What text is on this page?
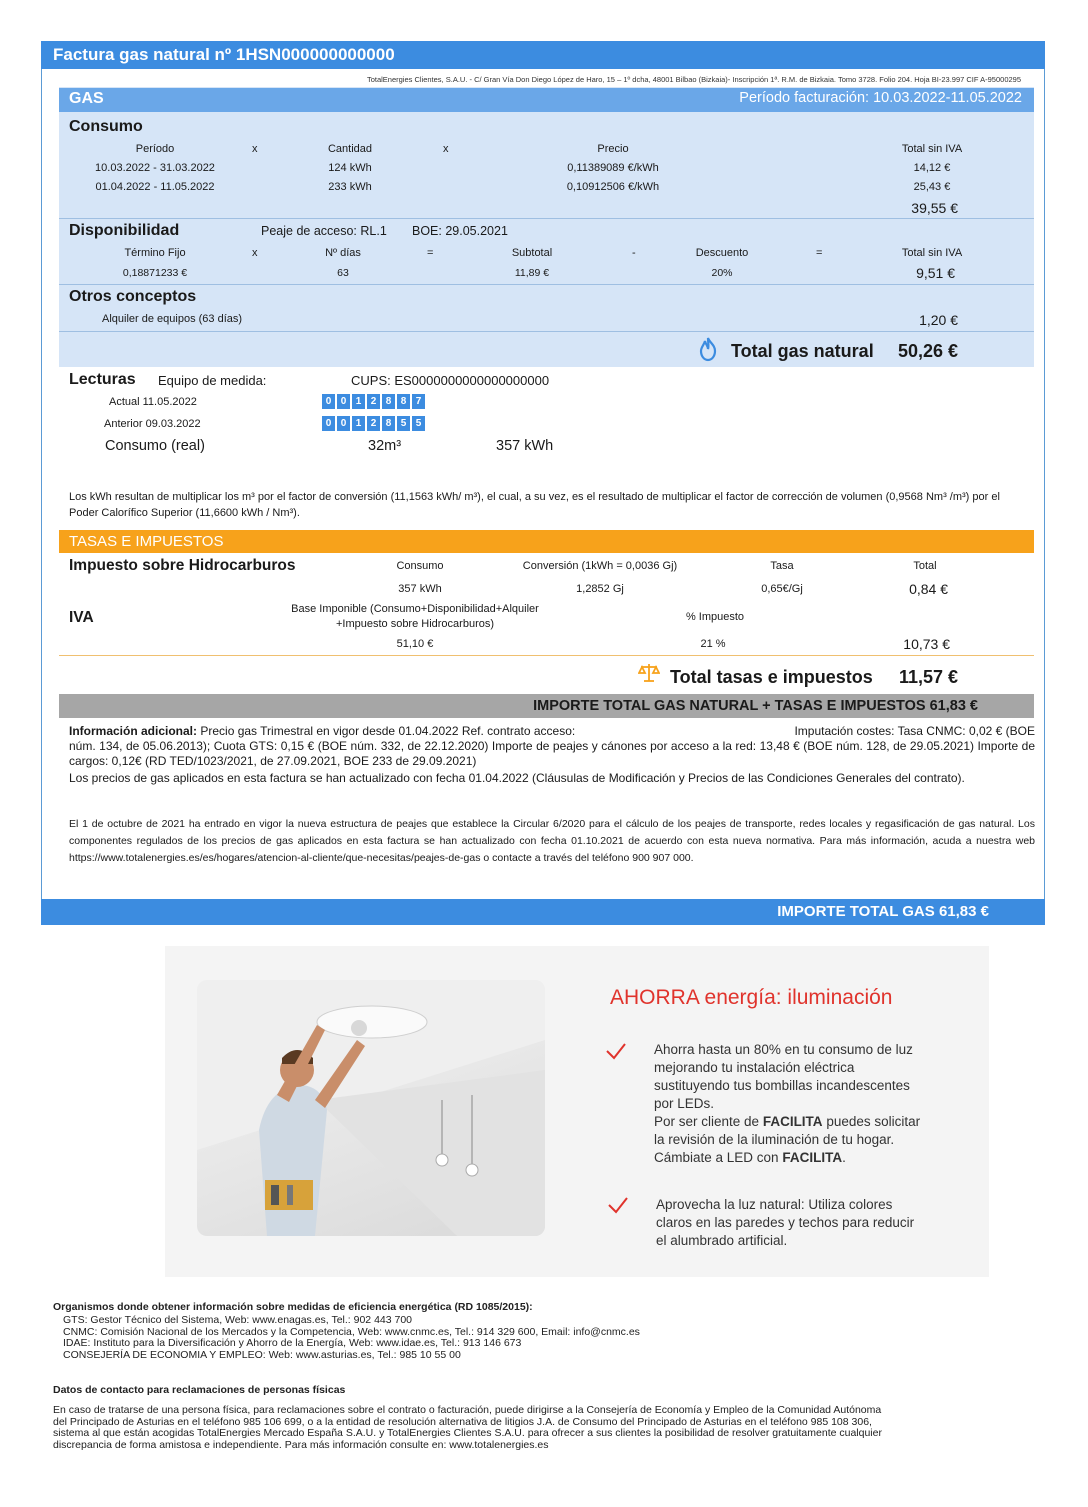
Factura gas natural nº 1HSN000000000000
TotalEnergies Clientes, S.A.U. - C/ Gran Vía Don Diego López de Haro, 15 – 1º dcha, 48001 Bilbao (Bizkaia)- Inscripción 1ª. R.M. de Bizkaia. Tomo 3728. Folio 204. Hoja BI-23.997 CIF A-95000295
GAS	Período facturación: 10.03.2022-11.05.2022
Consumo
Período	x	Cantidad	x	Precio	Total sin IVA
10.03.2022 - 31.03.2022	124 kWh	0,11389089 €/kWh	14,12 €
01.04.2022 - 11.05.2022	233 kWh	0,10912506 €/kWh	25,43 €
39,55 €
Disponibilidad	Peaje de acceso: RL.1 BOE: 29.05.2021
Término Fijo	x	Nº días	=	Subtotal	-	Descuento	=	Total sin IVA
0,18871233 €	63	11,89 €	20%	9,51 €
Otros conceptos
Alquiler de equipos (63 días)	1,20 €
Total gas natural	50,26 €
Lecturas Equipo de medida:	CUPS: ES0000000000000000000
Actual 11.05.2022	0 0 1 2 8 8 7
Anterior 09.03.2022	0 0 1 2 8 5 5
Consumo (real)	32m³	357 kWh
Los kWh resultan de multiplicar los m³ por el factor de conversión (11,1563 kWh/ m³), el cual, a su vez, es el resultado de multiplicar el factor de corrección de volumen (0,9568 Nm³ /m³) por el Poder Calorífico Superior (11,6600 kWh / Nm³).
TASAS E IMPUESTOS
Impuesto sobre Hidrocarburos	Consumo	Conversión (1kWh = 0,0036 Gj)	Tasa	Total
357 kWh	1,2852 Gj	0,65€/Gj	0,84 €
IVA	Base Imponible (Consumo+Disponibilidad+Alquiler +Impuesto sobre Hidrocarburos)
% Impuesto
51,10 €	21 %	10,73 €
Total tasas e impuestos	11,57 €
IMPORTE TOTAL GAS NATURAL + TASAS E IMPUESTOS 61,83 €
Información adicional: Precio gas Trimestral en vigor desde 01.04.2022 Ref. contrato acceso:	Imputación costes: Tasa CNMC: 0,02 € (BOE
núm. 134, de 05.06.2013); Cuota GTS: 0,15 € (BOE núm. 332, de 22.12.2020) Importe de peajes y cánones por acceso a la red: 13,48 € (BOE núm. 128, de 29.05.2021) Importe de cargos: 0,12€ (RD TED/1023/2021, de 27.09.2021, BOE 233 de 29.09.2021)
Los precios de gas aplicados en esta factura se han actualizado con fecha 01.04.2022 (Cláusulas de Modificación y Precios de las Condiciones Generales del contrato).
El 1 de octubre de 2021 ha entrado en vigor la nueva estructura de peajes que establece la Circular 6/2020 para el cálculo de los peajes de transporte, redes locales y regasificación de gas natural. Los componentes regulados de los precios de gas aplicados en esta factura se han actualizado con fecha 01.10.2021 de acuerdo con esta nueva normativa. Para más información, acuda a nuestra web https://www.totalenergies.es/es/hogares/atencion-al-cliente/que-necesitas/peajes-de-gas o contacte a través del teléfono 900 907 000.
IMPORTE TOTAL GAS 61,83 €
AHORRA energía: iluminación
Ahorra hasta un 80% en tu consumo de luz
mejorando tu instalación eléctrica
sustituyendo tus bombillas incandescentes
por LEDs.
Por ser cliente de FACILITA puedes solicitar
la revisión de la iluminación de tu hogar.
Cámbiate a LED con FACILITA.
Aprovecha la luz natural: Utiliza colores
claros en las paredes y techos para reducir
el alumbrado artificial.
Organismos donde obtener información sobre medidas de eficiencia energética (RD 1085/2015):
GTS: Gestor Técnico del Sistema, Web: www.enagas.es, Tel.: 902 443 700
CNMC: Comisión Nacional de los Mercados y la Competencia, Web: www.cnmc.es, Tel.: 914 329 600, Email: info@cnmc.es
IDAE: Instituto para la Diversificación y Ahorro de la Energía, Web: www.idae.es, Tel.: 913 146 673
CONSEJERÍA DE ECONOMIA Y EMPLEO: Web: www.asturias.es, Tel.: 985 10 55 00
Datos de contacto para reclamaciones de personas físicas
En caso de tratarse de una persona física, para reclamaciones sobre el contrato o facturación, puede dirigirse a la Consejería de Economía y Empleo de la Comunidad Autónoma
del Principado de Asturias en el teléfono 985 106 699, o a la entidad de resolución alternativa de litigios J.A. de Consumo del Principado de Asturias en el teléfono 985 108 306,
sistema al que están acogidas TotalEnergies Mercado España S.A.U. y TotalEnergies Clientes S.A.U. para ofrecer a sus clientes la posibilidad de resolver gratuitamente cualquier
discrepancia de forma amistosa e independiente. Para más información consulte en: www.totalenergies.es
